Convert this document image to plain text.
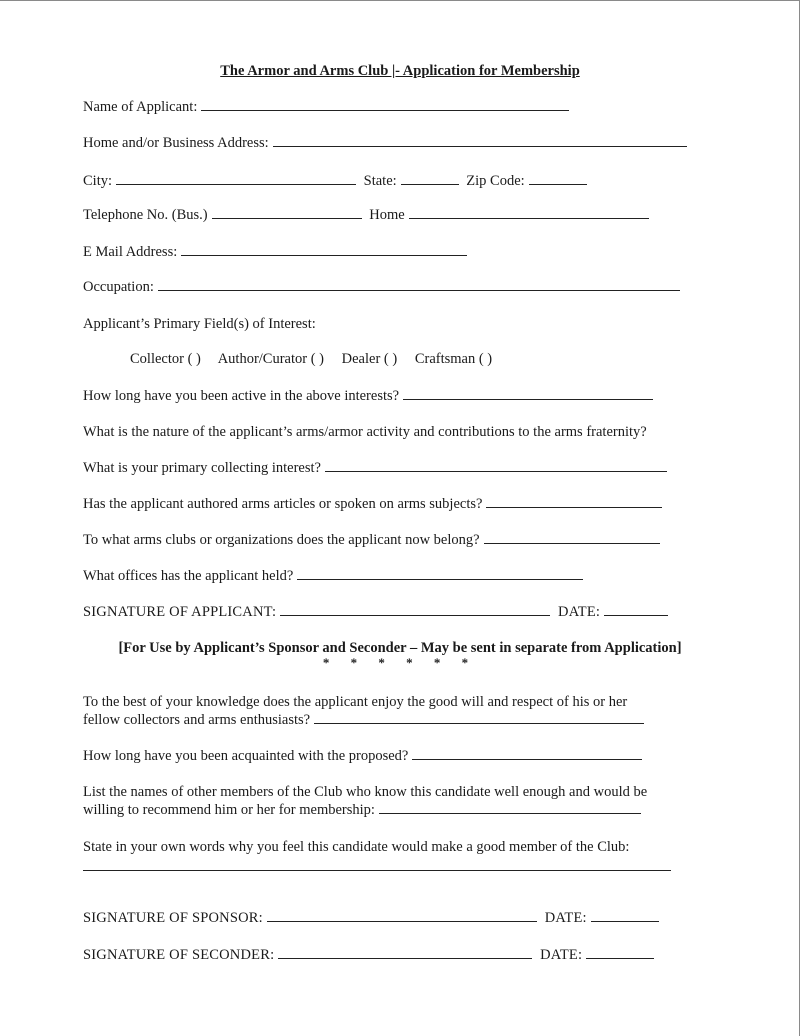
The Armor and Arms Club |- Application for Membership
Name of Applicant:
Home and/or Business Address:
City:	State:	Zip Code:
Telephone No. (Bus.)	Home
E Mail Address:
Occupation:
Applicant’s Primary Field(s) of Interest:
Collector ( ) Author/Curator ( ) Dealer ( ) Craftsman ( )
How long have you been active in the above interests?
What is the nature of the applicant’s arms/armor activity and contributions to the arms fraternity?
What is your primary collecting interest?
Has the applicant authored arms articles or spoken on arms subjects?
To what arms clubs or organizations does the applicant now belong?
What offices has the applicant held?
SIGNATURE OF APPLICANT:	DATE:
[For Use by Applicant’s Sponsor and Seconder – May be sent in separate from Application]
* * * * * *
To the best of your knowledge does the applicant enjoy the good will and respect of his or her
fellow collectors and arms enthusiasts?
How long have you been acquainted with the proposed?
List the names of other members of the Club who know this candidate well enough and would be
willing to recommend him or her for membership:
State in your own words why you feel this candidate would make a good member of the Club:
SIGNATURE OF SPONSOR:	DATE:
SIGNATURE OF SECONDER:	DATE:
